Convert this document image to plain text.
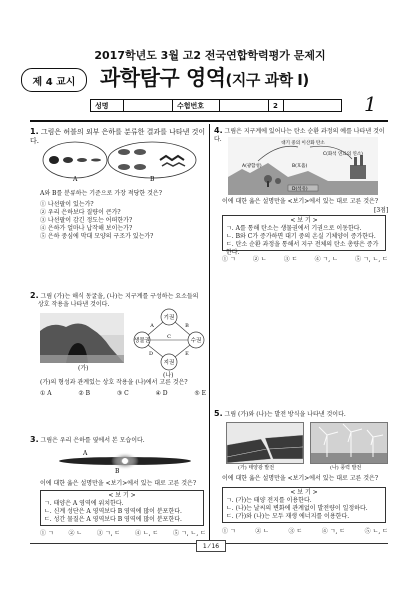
2017학년도 3월 고2 전국연합학력평가 문제지
제 4 교시	과학탐구 영역(지구 과학 Ⅰ)
성명	수험번호	2	1
1. 그림은 허블의 외부 은하를 분류한 결과를 나타낸 것이다.
A	B
A와 B를 분류하는 기준으로 가장 적당한 것은?
① 나선팔이 있는가?
② 우리 은하보다 질량이 큰가?
③ 나선팔이 감긴 정도는 어떠한가?
④ 은하가 얼마나 납작해 보이는가?
⑤ 은하 중심에 막대 모양의 구조가 있는가?
2. 그림 (가)는 해식 동굴을, (나)는 지구계를 구성하는 요소들의
상호 작용을 나타낸 것이다.
(가)
기권
생물권	수권
지권
A	B
C
D	E
(나)
(가)의 형성과 관계있는 상호 작용을 (나)에서 고른 것은?
① A	② B	③ C	④ D	⑤ E
3. 그림은 우리 은하를 옆에서 본 모습이다.
A
B
이에 대한 옳은 설명만을 <보기>에서 있는 대로 고른 것은?
< 보 기 >
ㄱ. 태양은 A 영역에 위치한다.
ㄴ. 신계 성단은 A 영역보다 B 영역에 많이 분포한다.
ㄷ. 성간 물질은 A 영역보다 B 영역에 많이 분포한다.
① ㄱ ② ㄴ ③ ㄱ, ㄷ ④ ㄴ, ㄷ ⑤ ㄱ, ㄴ, ㄷ
4. 그림은 지구계에 있어나는 탄소 순환 과정의 예를 나타낸 것이다.
대기 중의 이산화 탄소
A(광합성)	B(호흡)
C(화석 연료의 연소)
D(석유)
이에 대한 옳은 설명만을 <보기>에서 있는 대로 고른 것은?
[3점]
< 보 기 >
ㄱ. A를 통해 탄소는 생물권에서 기권으로 이동한다.
ㄴ. B와 C가 증가하면 대기 중의 온실 기체양이 증가한다.
ㄷ. 탄소 순환 과정을 통해서 지구 전체의 탄소 총량은 증가한다.
① ㄱ	② ㄴ	③ ㄷ	④ ㄱ, ㄴ	⑤ ㄱ, ㄴ, ㄷ
5. 그림 (가)와 (나)는 발전 방식을 나타낸 것이다.
(가) 태양광 발전	(나) 풍력 발전
이에 대한 옳은 설명만을 <보기>에서 있는 대로 고른 것은?
< 보 기 >
ㄱ. (가)는 태양 전지를 이용한다.
ㄴ. (나)는 날씨의 변화에 관계없이 발전량이 일정하다.
ㄷ. (가)와 (나)는 모두 재생 에너지를 이용한다.
① ㄱ	② ㄴ	③ ㄷ	④ ㄱ, ㄷ	⑤ ㄴ, ㄷ
1 ⁄ 16
